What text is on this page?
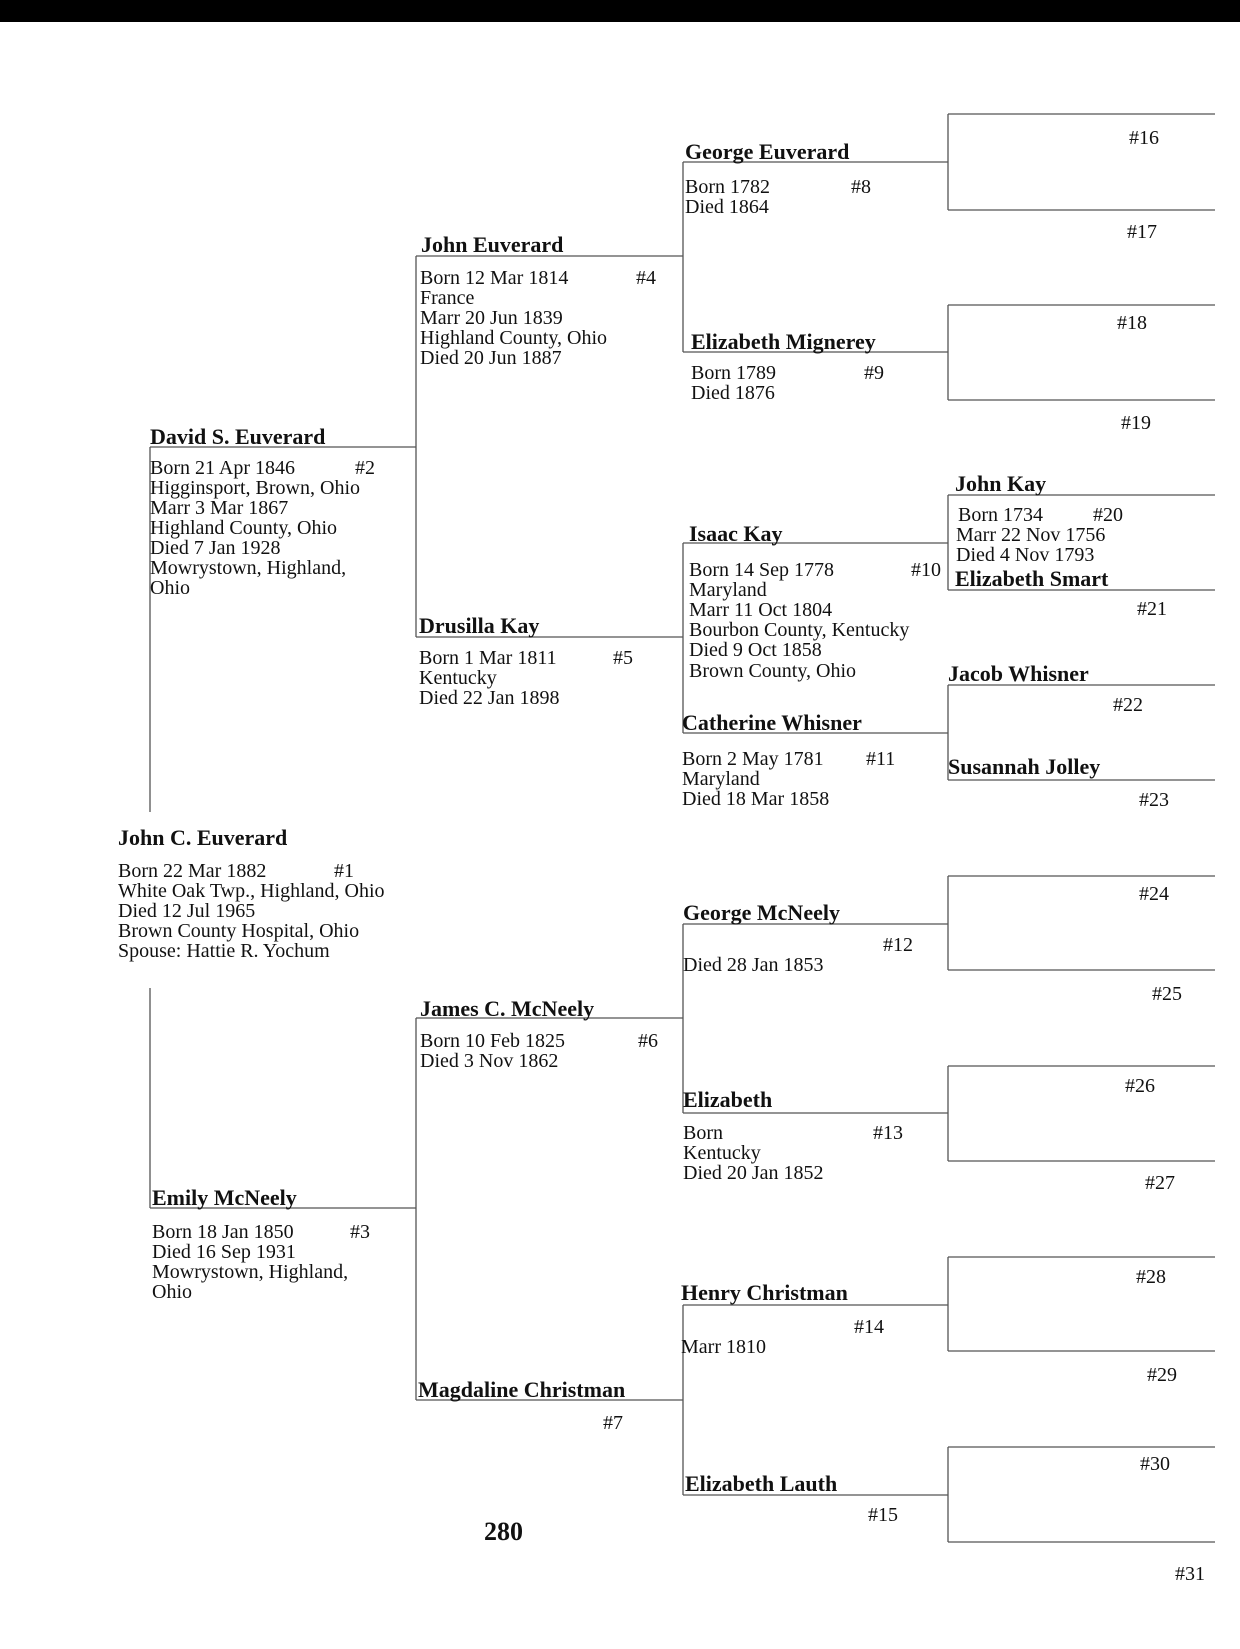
John C. Euverard
#1
Born 22 Mar 1882
White Oak Twp., Highland, Ohio
Died 12 Jul 1965
Brown County Hospital, Ohio
Spouse: Hattie R. Yochum
David S. Euverard
#2
Born 21 Apr 1846
Higginsport, Brown, Ohio
Marr 3 Mar 1867
Highland County, Ohio
Died 7 Jan 1928
Mowrystown, Highland,
Ohio
Emily McNeely
#3
Born 18 Jan 1850
Died 16 Sep 1931
Mowrystown, Highland,
Ohio
John Euverard
#4
Born 12 Mar 1814
France
Marr 20 Jun 1839
Highland County, Ohio
Died 20 Jun 1887
Drusilla Kay
#5
Born 1 Mar 1811
Kentucky
Died 22 Jan 1898
James C. McNeely
#6
Born 10 Feb 1825
Died 3 Nov 1862
Magdaline Christman
#7
George Euverard
#8
Born 1782
Died 1864
Elizabeth Mignerey
#9
Born 1789
Died 1876
Isaac Kay
#10
Born 14 Sep 1778
Maryland
Marr 11 Oct 1804
Bourbon County, Kentucky
Died 9 Oct 1858
Brown County, Ohio
Catherine Whisner
#11
Born 2 May 1781
Maryland
Died 18 Mar 1858
George McNeely
#12
Died 28 Jan 1853
Elizabeth
#13
Born
Kentucky
Died 20 Jan 1852
Henry Christman
#14
Marr 1810
Elizabeth Lauth
#15
#16
#17
#18
#19
John Kay
#20
Born 1734
Marr 22 Nov 1756
Died 4 Nov 1793
Elizabeth Smart
#21
Jacob Whisner
#22
Susannah Jolley
#23
#24
#25
#26
#27
#28
#29
#30
#31
280
